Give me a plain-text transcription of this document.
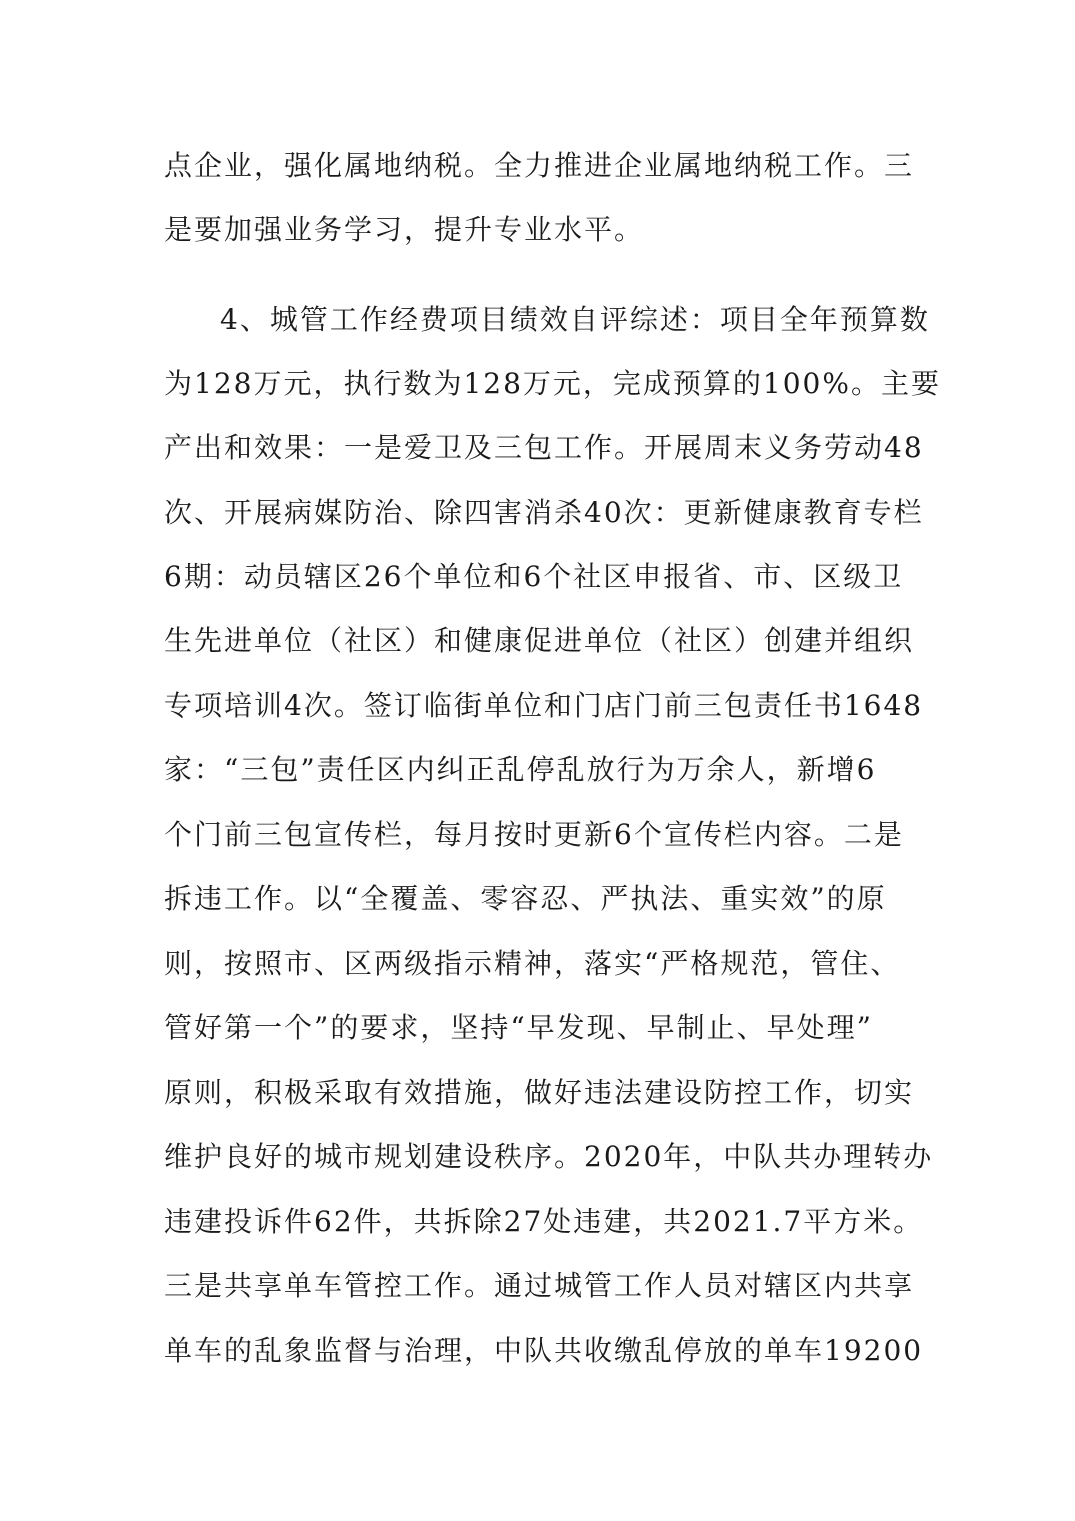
点企业，强化属地纳税。全力推进企业属地纳税工作。三
是要加强业务学习，提升专业水平。
4、城管工作经费项目绩效自评综述：项目全年预算数
为128万元，执行数为128万元，完成预算的100%。主要
产出和效果：一是爱卫及三包工作。开展周末义务劳动48
次、开展病媒防治、除四害消杀40次：更新健康教育专栏
6期：动员辖区26个单位和6个社区申报省、市、区级卫
生先进单位（社区）和健康促进单位（社区）创建并组织
专项培训4次。签订临街单位和门店门前三包责任书1648
家：“三包”责任区内纠正乱停乱放行为万余人，新增6
个门前三包宣传栏，每月按时更新6个宣传栏内容。二是
拆违工作。以“全覆盖、零容忍、严执法、重实效”的原
则，按照市、区两级指示精神，落实“严格规范，管住、
管好第一个”的要求，坚持“早发现、早制止、早处理”
原则，积极采取有效措施，做好违法建设防控工作，切实
维护良好的城市规划建设秩序。2020年，中队共办理转办
违建投诉件62件，共拆除27处违建，共2021.7平方米。
三是共享单车管控工作。通过城管工作人员对辖区内共享
单车的乱象监督与治理，中队共收缴乱停放的单车19200
